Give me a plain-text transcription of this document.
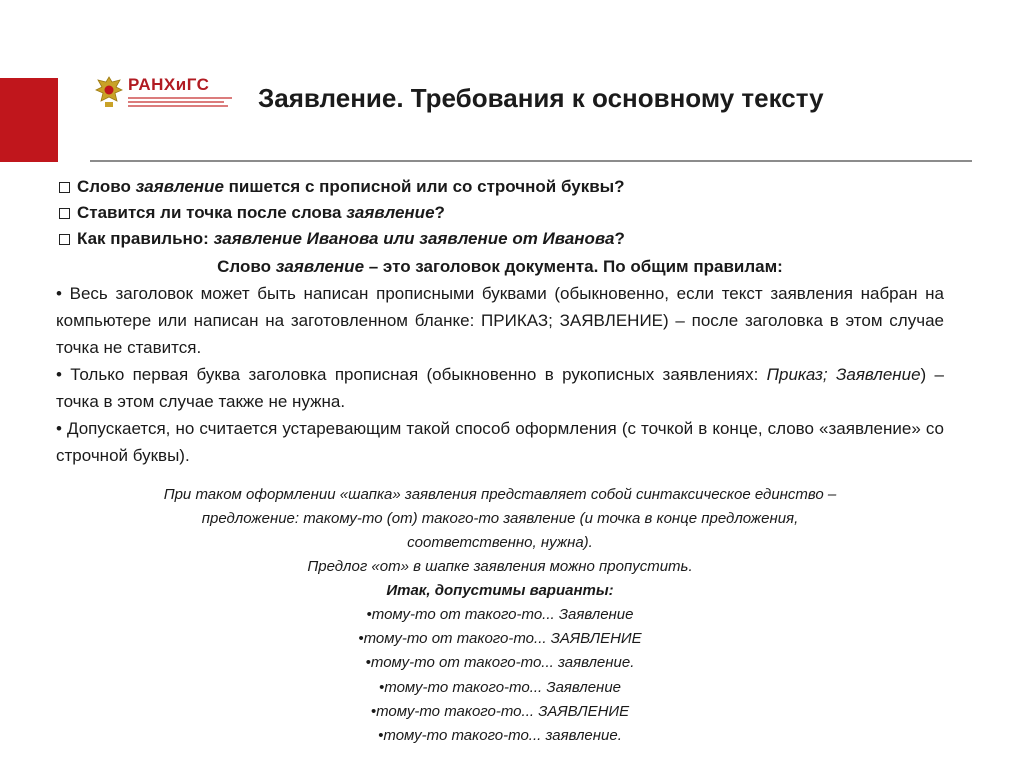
РАНХиГС	Заявление. Требования к основному тексту
Слово заявление пишется с прописной или со строчной буквы?
Ставится ли точка после слова заявление?
Как правильно: заявление Иванова или заявление от Иванова?
Слово заявление – это заголовок документа. По общим правилам:
• Весь заголовок может быть написан прописными буквами (обыкновенно, если текст заявления набран на компьютере или написан на заготовленном бланке: ПРИКАЗ; ЗАЯВЛЕНИЕ) – после заголовка в этом случае точка не ставится.
• Только первая буква заголовка прописная (обыкновенно в рукописных заявлениях: Приказ; Заявление) – точка в этом случае также не нужна.
• Допускается, но считается устаревающим такой способ оформления (с точкой в конце, слово «заявление» со строчной буквы).
При таком оформлении «шапка» заявления представляет собой синтаксическое единство –
предложение: такому-то (от) такого-то заявление (и точка в конце предложения,
соответственно, нужна).
Предлог «от» в шапке заявления можно пропустить.
Итак, допустимы варианты:
•тому-то от такого-то... Заявление
•тому-то от такого-то... ЗАЯВЛЕНИЕ
•тому-то от такого-то... заявление.
•тому-то такого-то... Заявление
•тому-то такого-то... ЗАЯВЛЕНИЕ
•тому-то такого-то... заявление.
